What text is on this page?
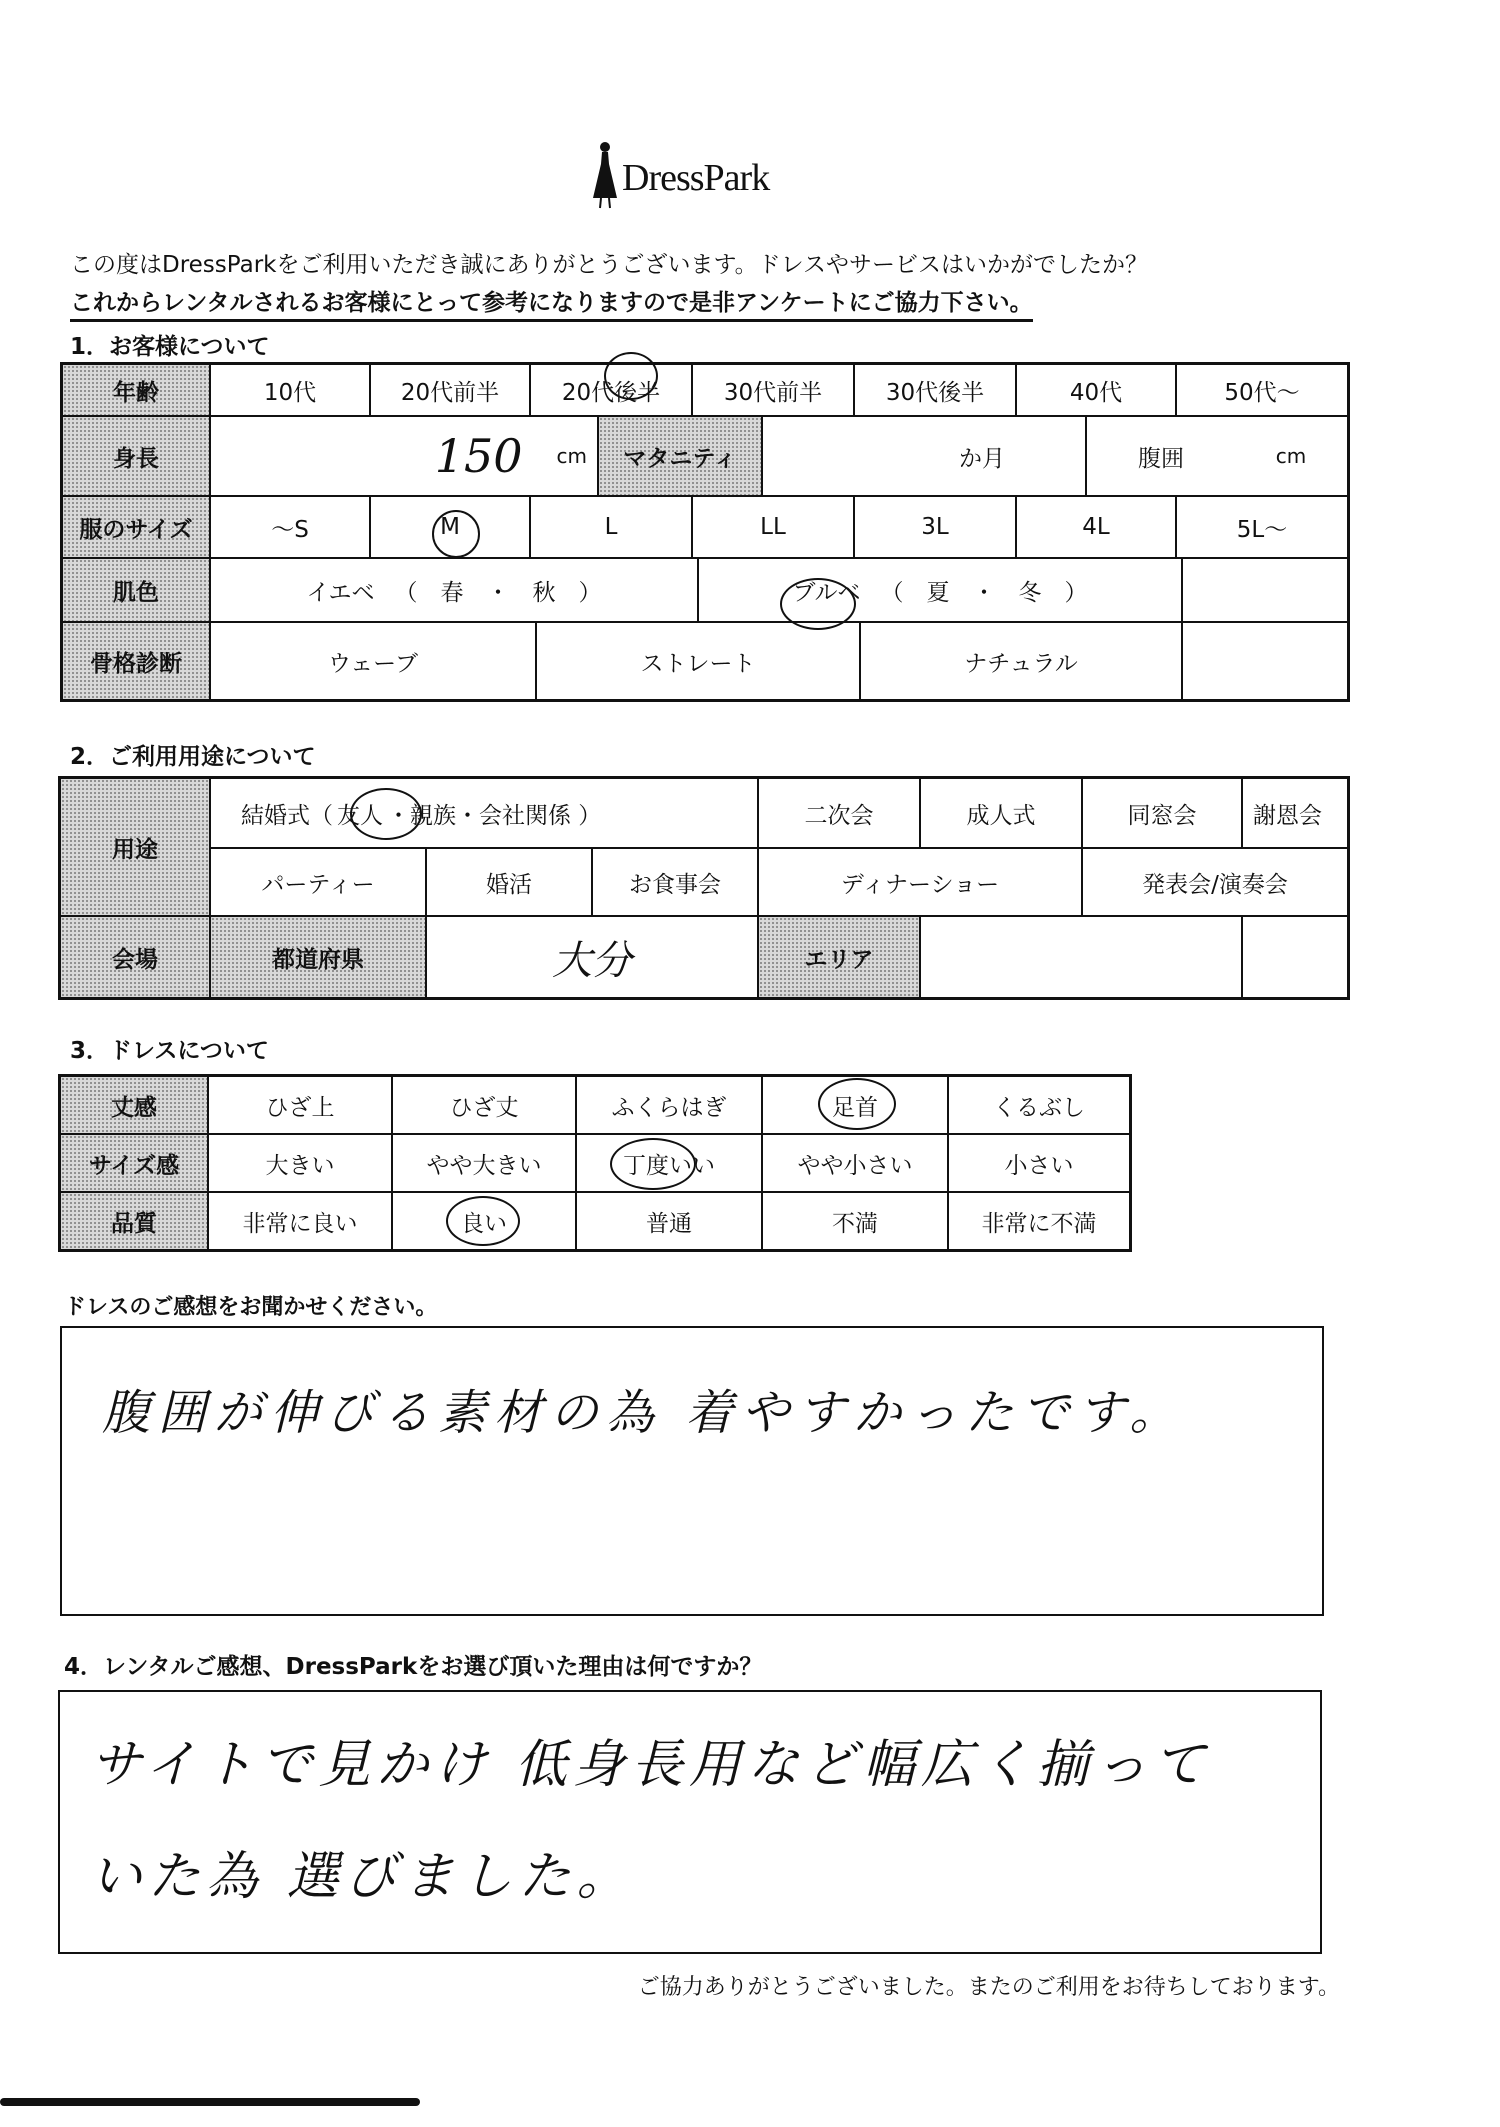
DressPark
この度はDressParkをご利用いただき誠にありがとうございます。ドレスやサービスはいかがでしたか？
これからレンタルされるお客様にとって参考になりますので是非アンケートにご協力下さい。
1．お客様について
年齢	10代	20代前半	20代後半	30代前半	30代後半	40代	50代〜
身長	150 cm	マタニティ	か月	腹囲	cm
服のサイズ	〜S	M	L	LL	3L	4L	5L〜
肌色	イエベ （　春　・　秋　）	ブルベ （　夏　・　冬　）
骨格診断	ウェーブ	ストレート	ナチュラル
2．ご利用用途について
用途
結婚式（ 友人 ・親族・会社関係 ）	二次会	成人式	同窓会	謝恩会
パーティー	婚活	お食事会	ディナーショー	発表会/演奏会
会場	都道府県	大分	エリア
3．ドレスについて
丈感	ひざ上	ひざ丈	ふくらはぎ	足首	くるぶし
サイズ感	大きい	やや大きい	丁度いい	やや小さい	小さい
品質	非常に良い	良い	普通	不満	非常に不満
ドレスのご感想をお聞かせください。
腹囲が伸びる素材の為 着やすかったです。
4．レンタルご感想、DressParkをお選び頂いた理由は何ですか？
サイトで見かけ 低身長用など幅広く揃って
いた為 選びました。
ご協力ありがとうございました。またのご利用をお待ちしております。
